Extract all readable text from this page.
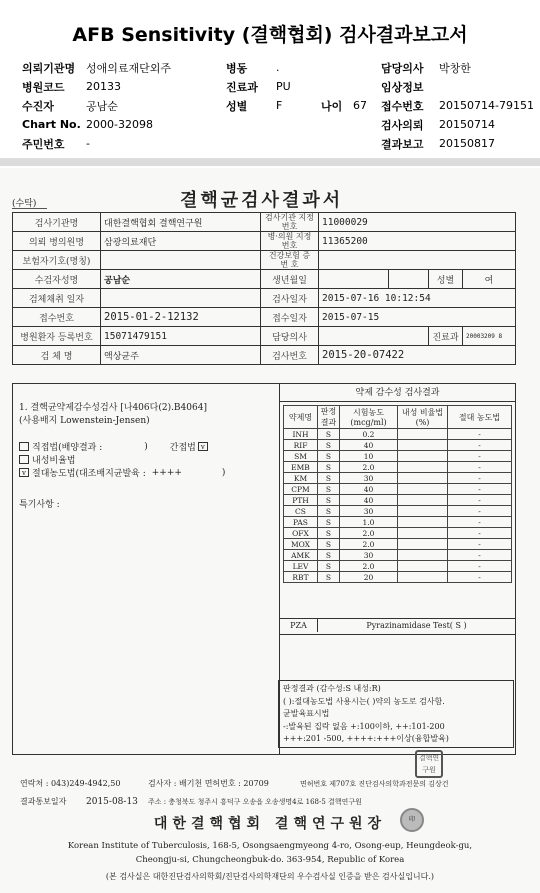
AFB Sensitivity (결핵협회) 검사결과보고서
의뢰기관명 성애의료재단외주	병동	.	담당의사	박창한
병원코드	20133	진료과	PU	임상정보
수진자	공남순	성별	F	나이 67	접수번호	20150714-79151
Chart No. 2000-32098	검사의뢰	20150714
주민번호	-	결과보고	20150817
(수탁)	결핵균검사결과서
검사기관명	대한결핵협회 결핵연구원	검사기관 지정번호	11000029			
의뢰 병의원명	삼광의료재단	병·의원 지정번호	11365200			
보험자기호(명칭)		건강보험 증 번 호				
수검자성명	공남순	생년월일			성별	여
검체채취 일자		검사일자	2015-07-16 10:12:54			
접수번호	2015-01-2-12132	접수일자	2015-07-15			
병원환자 등록번호	15071479151	담당의사			진료과	20003209 8
검 체 명	액상균주	검사번호	2015-20-07422			
1. 결핵균약제감수성검사 [나406다(2).B4064]
(사용배지 Lowenstein-Jensen)
직접법(배양결과 :	) 간접법 v
내성비율법
v 절대농도법(대조배지균발육 : ++++	)
특기사항 :
약제 감수성 검사결과
약제명	판정 결과	시험농도 (mcg/ml)	내성 비율법(%)	절대 농도법
INH	S	0.2		-
RIF	S	40		-
SM	S	10		-
EMB	S	2.0		-
KM	S	30		-
CPM	S	40		-
PTH	S	40		-
CS	S	30		-
PAS	S	1.0		-
OFX	S	2.0		-
MOX	S	2.0		-
AMK	S	30		-
LEV	S	2.0		-
RBT	S	20		-
PZA	Pyrazinamidase Test( S )
판정결과 (감수성:S 내성:R)
( ):절대농도법 사용시는( )약의 농도로 검사함.
균발육표시법
-:발육된 집락 없음 +:100이하, ++:101-200
+++:201 -500, ++++:+++이상(융합발육)
연락처 : 043)249-4942,50	검사자 : 배기천 면허번호 : 20709	면허번호 제707호 진단검사의학과전문의 김상건
결핵연구원
결과통보일자 2015-08-13 주소 : 충청북도 청주시 흥덕구 오송읍 오송생명4로 168-5 결핵연구원
대한결핵협회 결핵연구원장	印
Korean Institute of Tuberculosis, 168-5, Osongsaengmyeong 4-ro, Osong-eup, Heungdeok-gu,
Cheongju-si, Chungcheongbuk-do. 363-954, Republic of Korea
(본 검사실은 대한진단검사의학회/진단검사의학재단의 우수검사실 인증을 받은 검사실입니다.)
